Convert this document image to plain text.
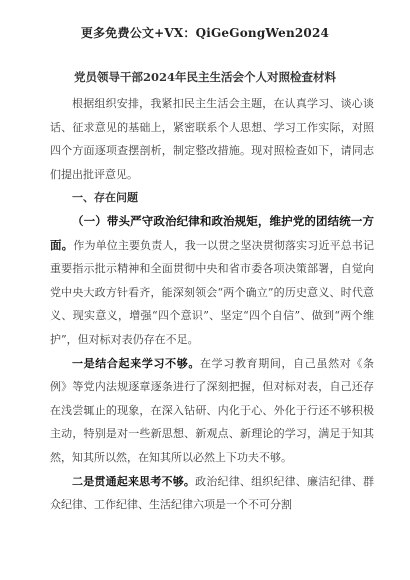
更多免费公文+VX：QiGeGongWen2024
党员领导干部2024年民主生活会个人对照检查材料

根据组织安排，我紧扣民主生活会主题，在认真学习、谈心谈话、征求意见的基础上，紧密联系个人思想、学习工作实际，对照四个方面逐项查摆剖析，制定整改措施。现对照检查如下，请同志们提出批评意见。

一、存在问题

（一）带头严守政治纪律和政治规矩，维护党的团结统一方面。作为单位主要负责人，我一以贯之坚决贯彻落实习近平总书记重要指示批示精神和全面贯彻中央和省市委各项决策部署，自觉向党中央大政方针看齐，能深刻领会“两个确立”的历史意义、时代意义、现实意义，增强“四个意识”、坚定“四个自信”、做到“两个维护”，但对标对表仍存在不足。

一是结合起来学习不够。在学习教育期间，自己虽然对《条例》等党内法规逐章逐条进行了深刻把握，但对标对表，自己还存在浅尝辄止的现象，在深入钻研、内化于心、外化于行还不够积极主动，特别是对一些新思想、新观点、新理论的学习，满足于知其然，知其所以然，在知其所以必然上下功夫不够。

二是贯通起来思考不够。政治纪律、组织纪律、廉洁纪律、群众纪律、工作纪律、生活纪律六项是一个不可分割
